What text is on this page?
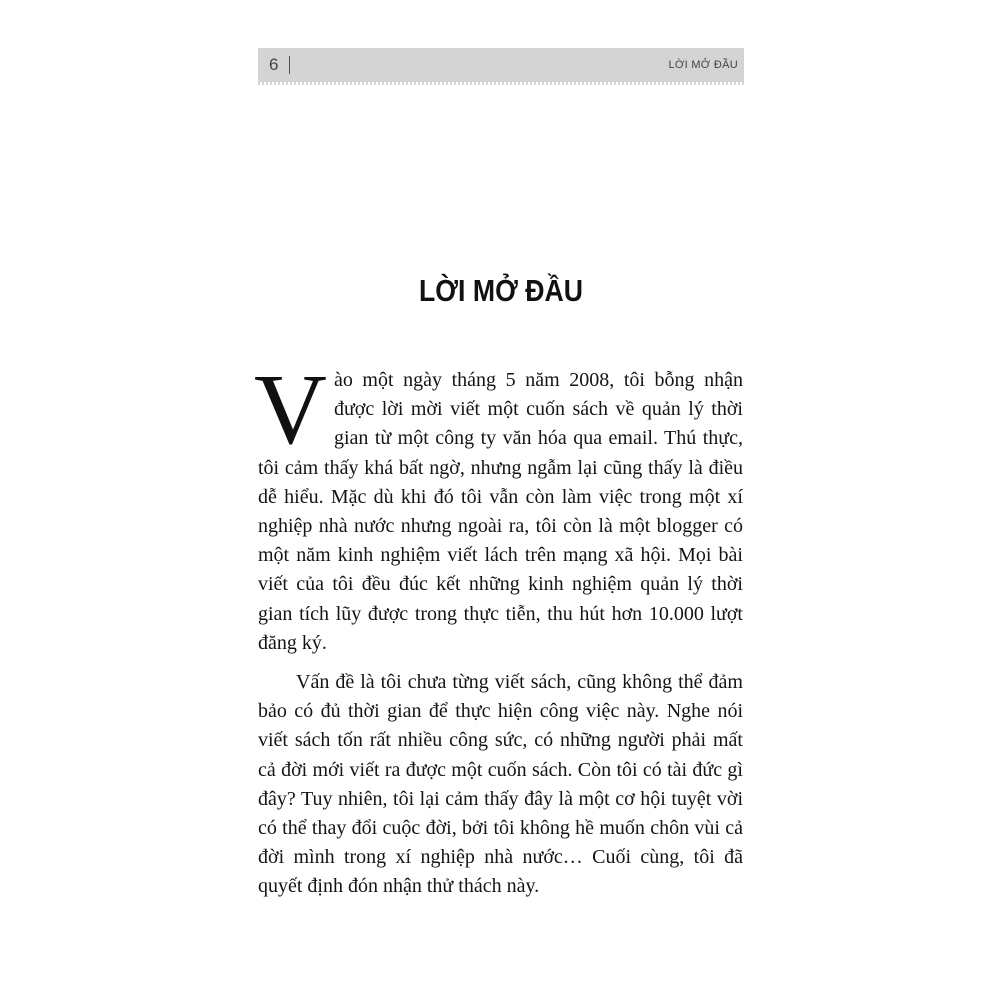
6	LỜI MỞ ĐẦU
LỜI MỞ ĐẦU

Vào một ngày tháng 5 năm 2008, tôi bỗng nhận được lời mời viết một cuốn sách về quản lý thời gian từ một công ty văn hóa qua email. Thú thực, tôi cảm thấy khá bất ngờ, nhưng ngẫm lại cũng thấy là điều dễ hiểu. Mặc dù khi đó tôi vẫn còn làm việc trong một xí nghiệp nhà nước nhưng ngoài ra, tôi còn là một blogger có một năm kinh nghiệm viết lách trên mạng xã hội. Mọi bài viết của tôi đều đúc kết những kinh nghiệm quản lý thời gian tích lũy được trong thực tiễn, thu hút hơn 10.000 lượt đăng ký.

Vấn đề là tôi chưa từng viết sách, cũng không thể đảm bảo có đủ thời gian để thực hiện công việc này. Nghe nói viết sách tốn rất nhiều công sức, có những người phải mất cả đời mới viết ra được một cuốn sách. Còn tôi có tài đức gì đây? Tuy nhiên, tôi lại cảm thấy đây là một cơ hội tuyệt vời có thể thay đổi cuộc đời, bởi tôi không hề muốn chôn vùi cả đời mình trong xí nghiệp nhà nước… Cuối cùng, tôi đã quyết định đón nhận thử thách này.
